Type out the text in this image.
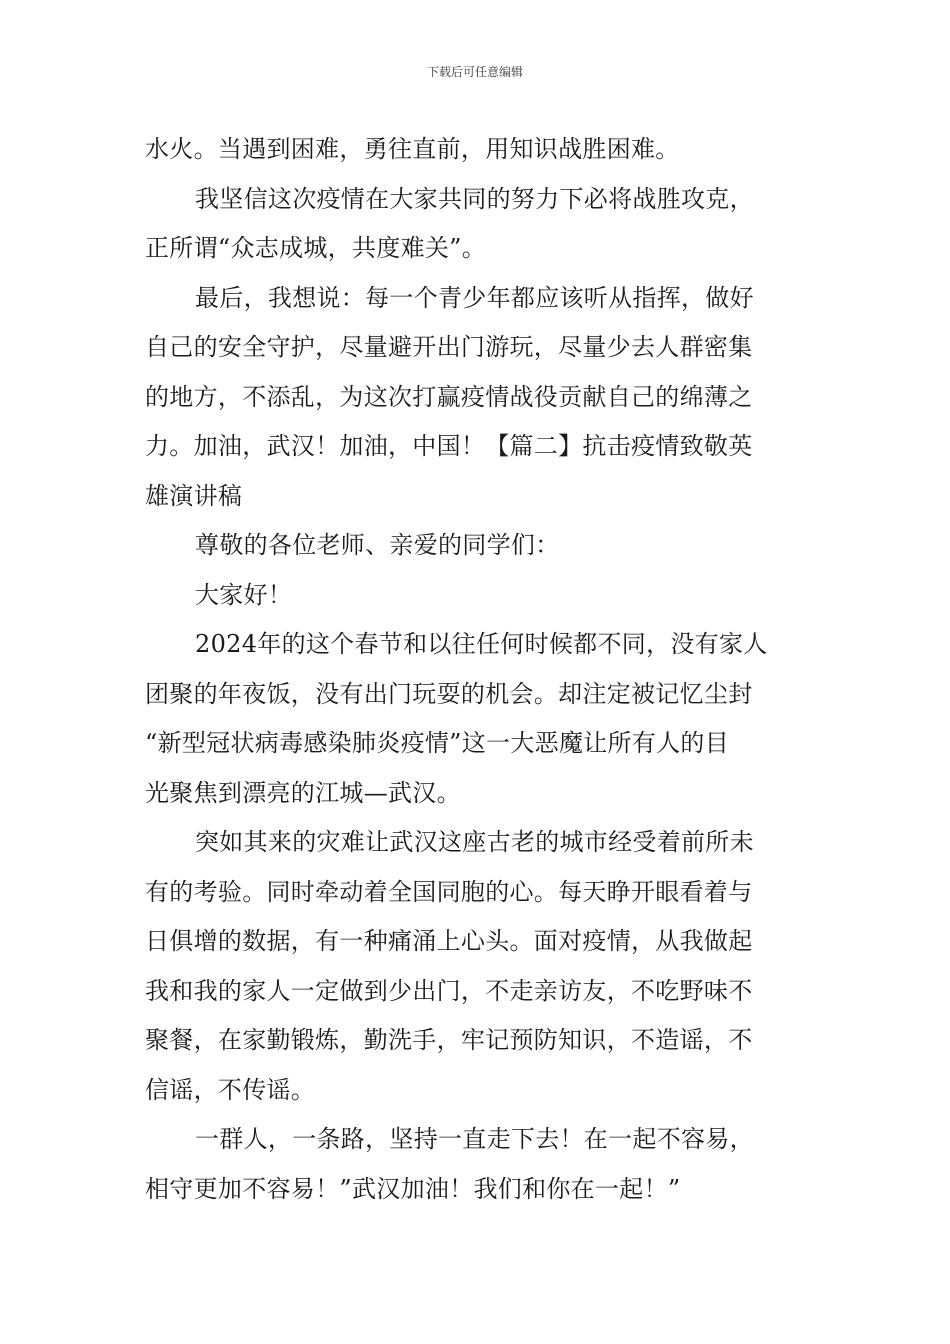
下载后可任意编辑

水火。当遇到困难，勇往直前，用知识战胜困难。

我坚信这次疫情在大家共同的努力下必将战胜攻克，

正所谓“众志成城，共度难关”。

最后，我想说：每一个青少年都应该听从指挥，做好

自己的安全守护，尽量避开出门游玩，尽量少去人群密集

的地方，不添乱，为这次打赢疫情战役贡献自己的绵薄之

力。加油，武汉！加油，中国！【篇二】抗击疫情致敬英

雄演讲稿

尊敬的各位老师、亲爱的同学们：

大家好！

2024年的这个春节和以往任何时候都不同，没有家人

团聚的年夜饭，没有出门玩耍的机会。却注定被记忆尘封

“新型冠状病毒感染肺炎疫情”这一大恶魔让所有人的目

光聚焦到漂亮的江城—武汉。

突如其来的灾难让武汉这座古老的城市经受着前所未

有的考验。同时牵动着全国同胞的心。每天睁开眼看着与

日俱增的数据，有一种痛涌上心头。面对疫情，从我做起

我和我的家人一定做到少出门，不走亲访友，不吃野味不

聚餐，在家勤锻炼，勤洗手，牢记预防知识，不造谣，不

信谣，不传谣。

一群人，一条路，坚持一直走下去！在一起不容易，

相守更加不容易！”武汉加油！我们和你在一起！”
